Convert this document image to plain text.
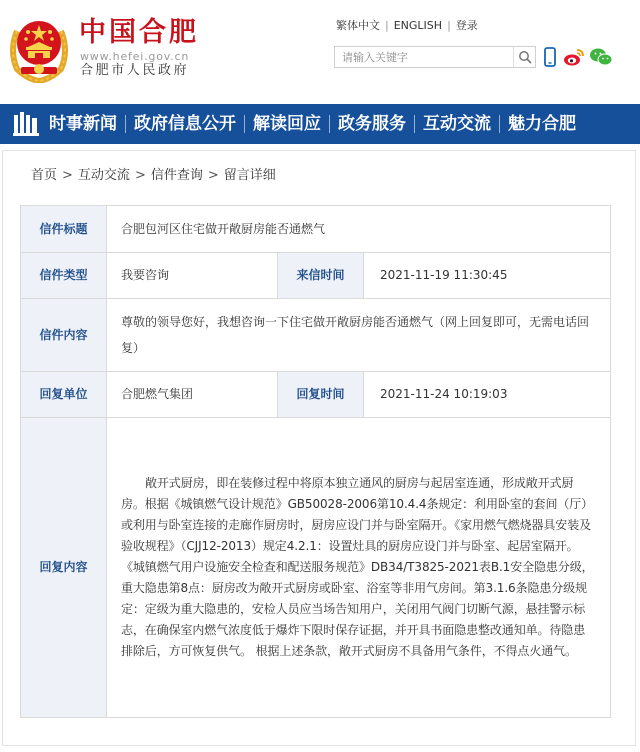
中国合肥
www.hefei.gov.cn
合肥市人民政府
繁体中文 | ENGLISH | 登录
请输入关键字
时事新闻 政府信息公开 解读回应 政务服务 互动交流 魅力合肥
首页 > 互动交流 > 信件查询 > 留言详细
信件标题	合肥包河区住宅做开敞厨房能否通燃气		
信件类型	我要咨询	来信时间	2021-11-19 11:30:45
信件内容	尊敬的领导您好，我想咨询一下住宅做开敞厨房能否通燃气（网上回复即可，无需电话回复）		
回复单位	合肥燃气集团	回复时间	2021-11-24 10:19:03
回复内容	敞开式厨房，即在装修过程中将原本独立通风的厨房与起居室连通，形成敞开式厨房。根据《城镇燃气设计规范》GB50028-2006第10.4.4条规定：利用卧室的套间（厅）或利用与卧室连接的走廊作厨房时，厨房应设门并与卧室隔开。《家用燃气燃烧器具安装及验收规程》（CJJ12-2013）规定4.2.1：设置灶具的厨房应设门并与卧室、起居室隔开。《城镇燃气用户设施安全检查和配送服务规范》DB34/T3825-2021表B.1安全隐患分级，重大隐患第8点：厨房改为敞开式厨房或卧室、浴室等非用气房间。第3.1.6条隐患分级规定：定级为重大隐患的，安检人员应当场告知用户，关闭用气阀门切断气源，悬挂警示标志，在确保室内燃气浓度低于爆炸下限时保存证据，并开具书面隐患整改通知单。待隐患排除后，方可恢复供气。 根据上述条款，敞开式厨房不具备用气条件，不得点火通气。		
